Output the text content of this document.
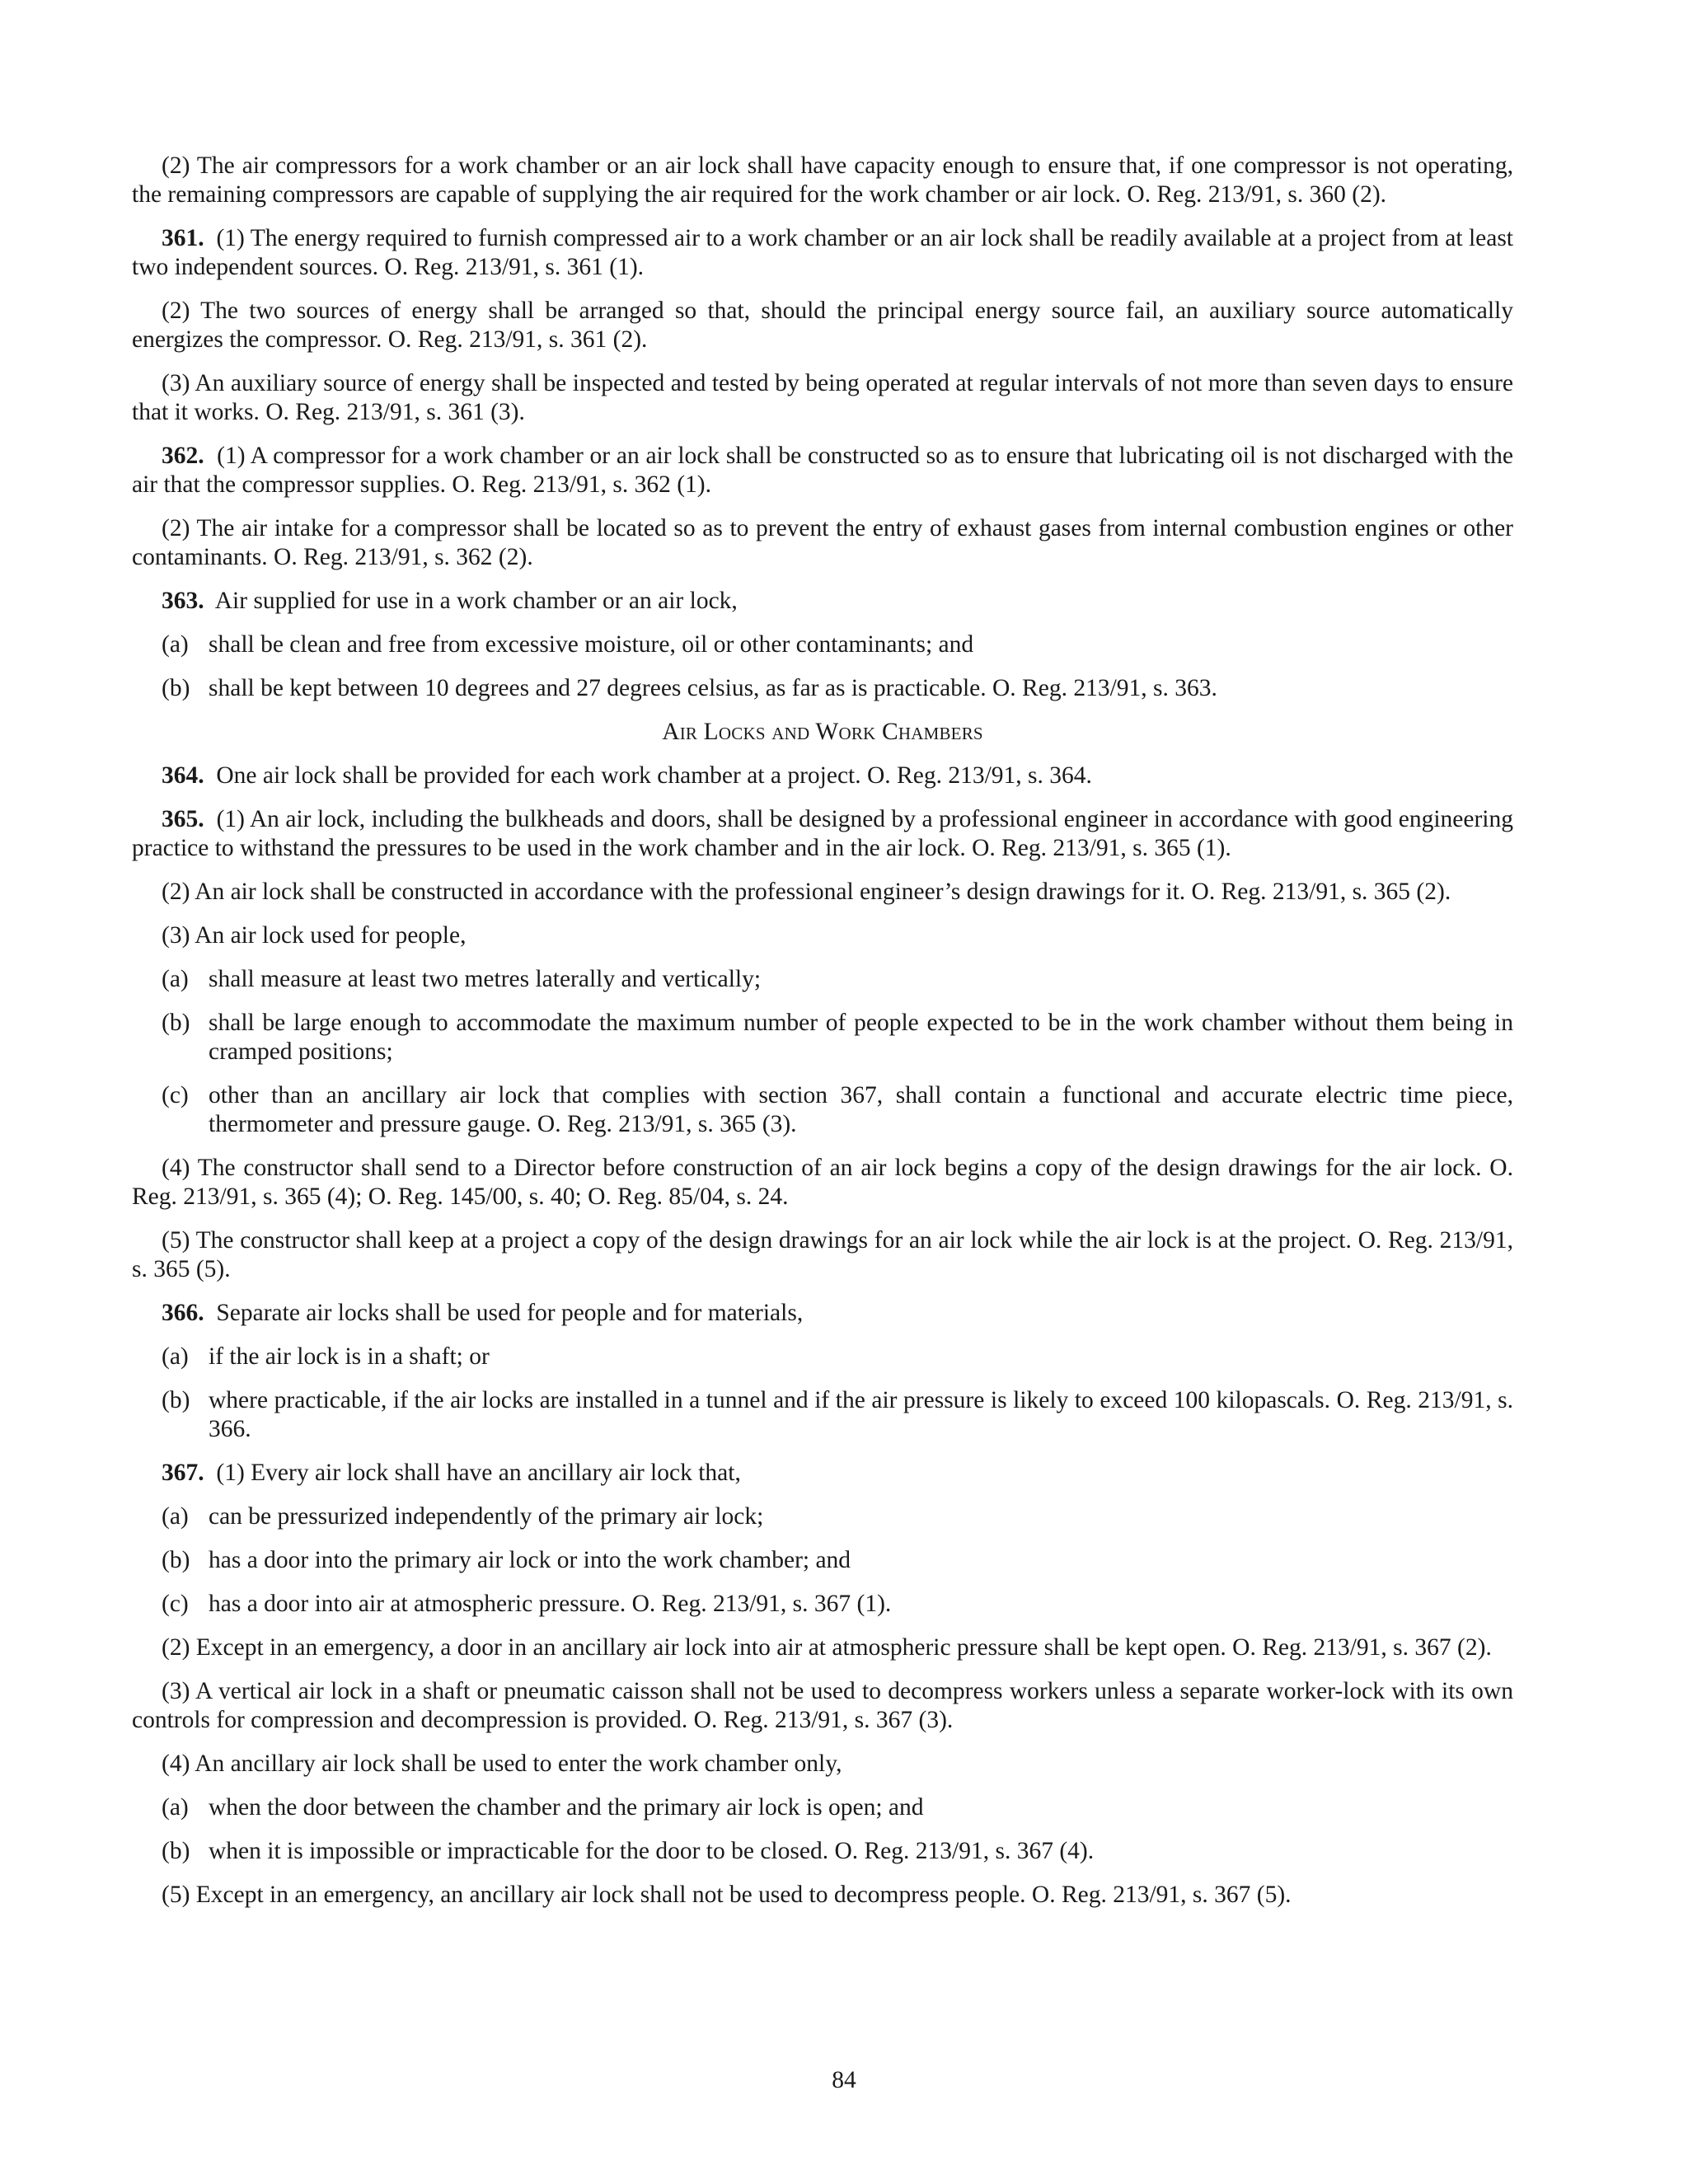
(2) The air compressors for a work chamber or an air lock shall have capacity enough to ensure that, if one compressor is not operating, the remaining compressors are capable of supplying the air required for the work chamber or air lock. O. Reg. 213/91, s. 360 (2).

361. (1) The energy required to furnish compressed air to a work chamber or an air lock shall be readily available at a project from at least two independent sources. O. Reg. 213/91, s. 361 (1).

(2) The two sources of energy shall be arranged so that, should the principal energy source fail, an auxiliary source automatically energizes the compressor. O. Reg. 213/91, s. 361 (2).

(3) An auxiliary source of energy shall be inspected and tested by being operated at regular intervals of not more than seven days to ensure that it works. O. Reg. 213/91, s. 361 (3).

362. (1) A compressor for a work chamber or an air lock shall be constructed so as to ensure that lubricating oil is not discharged with the air that the compressor supplies. O. Reg. 213/91, s. 362 (1).

(2) The air intake for a compressor shall be located so as to prevent the entry of exhaust gases from internal combustion engines or other contaminants. O. Reg. 213/91, s. 362 (2).

363. Air supplied for use in a work chamber or an air lock,

(a) shall be clean and free from excessive moisture, oil or other contaminants; and

(b) shall be kept between 10 degrees and 27 degrees celsius, as far as is practicable. O. Reg. 213/91, s. 363.

Air Locks and Work Chambers

364. One air lock shall be provided for each work chamber at a project. O. Reg. 213/91, s. 364.

365. (1) An air lock, including the bulkheads and doors, shall be designed by a professional engineer in accordance with good engineering practice to withstand the pressures to be used in the work chamber and in the air lock. O. Reg. 213/91, s. 365 (1).

(2) An air lock shall be constructed in accordance with the professional engineer’s design drawings for it. O. Reg. 213/91, s. 365 (2).

(3) An air lock used for people,

(a) shall measure at least two metres laterally and vertically;

(b) shall be large enough to accommodate the maximum number of people expected to be in the work chamber without them being in cramped positions;

(c) other than an ancillary air lock that complies with section 367, shall contain a functional and accurate electric time piece, thermometer and pressure gauge. O. Reg. 213/91, s. 365 (3).

(4) The constructor shall send to a Director before construction of an air lock begins a copy of the design drawings for the air lock. O. Reg. 213/91, s. 365 (4); O. Reg. 145/00, s. 40; O. Reg. 85/04, s. 24.

(5) The constructor shall keep at a project a copy of the design drawings for an air lock while the air lock is at the project. O. Reg. 213/91, s. 365 (5).

366. Separate air locks shall be used for people and for materials,

(a) if the air lock is in a shaft; or

(b) where practicable, if the air locks are installed in a tunnel and if the air pressure is likely to exceed 100 kilopascals. O. Reg. 213/91, s. 366.

367. (1) Every air lock shall have an ancillary air lock that,

(a) can be pressurized independently of the primary air lock;

(b) has a door into the primary air lock or into the work chamber; and

(c) has a door into air at atmospheric pressure. O. Reg. 213/91, s. 367 (1).

(2) Except in an emergency, a door in an ancillary air lock into air at atmospheric pressure shall be kept open. O. Reg. 213/91, s. 367 (2).

(3) A vertical air lock in a shaft or pneumatic caisson shall not be used to decompress workers unless a separate worker-lock with its own controls for compression and decompression is provided. O. Reg. 213/91, s. 367 (3).

(4) An ancillary air lock shall be used to enter the work chamber only,

(a) when the door between the chamber and the primary air lock is open; and

(b) when it is impossible or impracticable for the door to be closed. O. Reg. 213/91, s. 367 (4).

(5) Except in an emergency, an ancillary air lock shall not be used to decompress people. O. Reg. 213/91, s. 367 (5).

84
